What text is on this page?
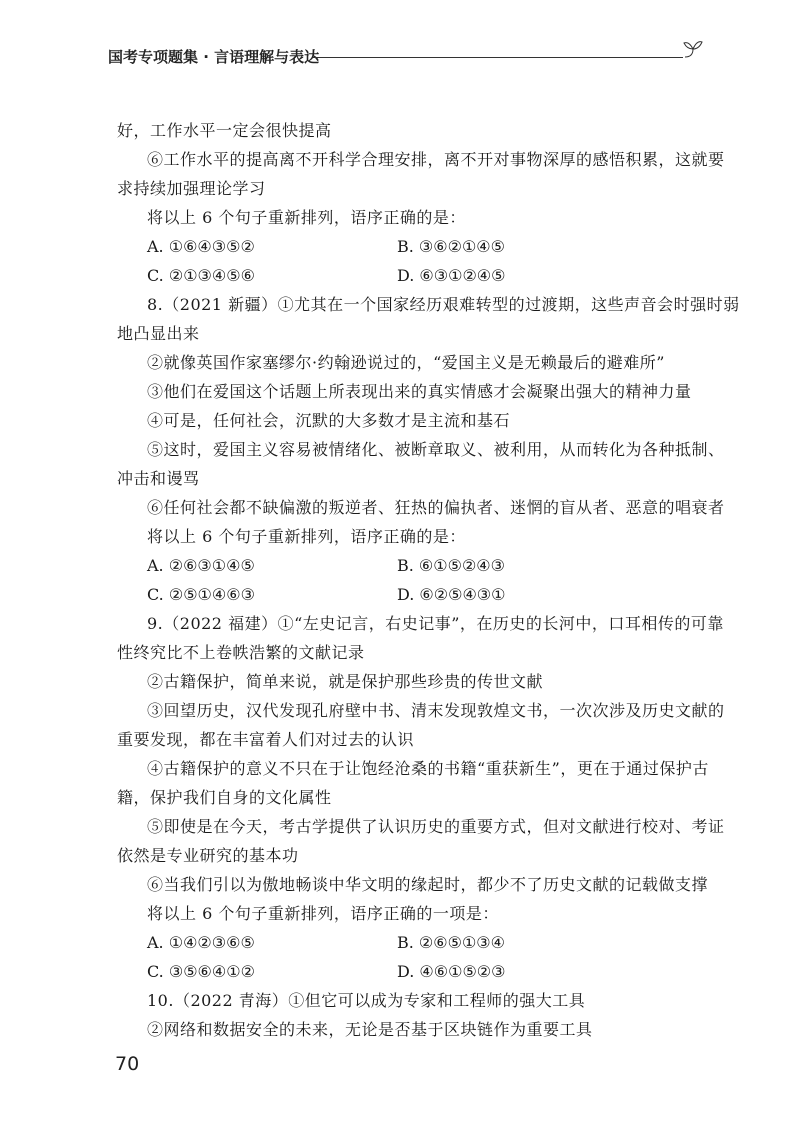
国考专项题集 · 言语理解与表达
好，工作水平一定会很快提高
⑥工作水平的提高离不开科学合理安排，离不开对事物深厚的感悟积累，这就要
求持续加强理论学习
将以上 6 个句子重新排列，语序正确的是：
A. ①⑥④③⑤②	B. ③⑥②①④⑤
C. ②①③④⑤⑥	D. ⑥③①②④⑤
8.（2021 新疆）①尤其在一个国家经历艰难转型的过渡期，这些声音会时强时弱
地凸显出来
②就像英国作家塞缪尔·约翰逊说过的，“爱国主义是无赖最后的避难所”
③他们在爱国这个话题上所表现出来的真实情感才会凝聚出强大的精神力量
④可是，任何社会，沉默的大多数才是主流和基石
⑤这时，爱国主义容易被情绪化、被断章取义、被利用，从而转化为各种抵制、
冲击和谩骂
⑥任何社会都不缺偏激的叛逆者、狂热的偏执者、迷惘的盲从者、恶意的唱衰者
将以上 6 个句子重新排列，语序正确的是：
A. ②⑥③①④⑤	B. ⑥①⑤②④③
C. ②⑤①④⑥③	D. ⑥②⑤④③①
9.（2022 福建）①“左史记言，右史记事”，在历史的长河中，口耳相传的可靠
性终究比不上卷帙浩繁的文献记录
②古籍保护，简单来说，就是保护那些珍贵的传世文献
③回望历史，汉代发现孔府壁中书、清末发现敦煌文书，一次次涉及历史文献的
重要发现，都在丰富着人们对过去的认识
④古籍保护的意义不只在于让饱经沧桑的书籍“重获新生”，更在于通过保护古
籍，保护我们自身的文化属性
⑤即使是在今天，考古学提供了认识历史的重要方式，但对文献进行校对、考证
依然是专业研究的基本功
⑥当我们引以为傲地畅谈中华文明的缘起时，都少不了历史文献的记载做支撑
将以上 6 个句子重新排列，语序正确的一项是：
A. ①④②③⑥⑤	B. ②⑥⑤①③④
C. ③⑤⑥④①②	D. ④⑥①⑤②③
10.（2022 青海）①但它可以成为专家和工程师的强大工具
②网络和数据安全的未来，无论是否基于区块链作为重要工具
70
